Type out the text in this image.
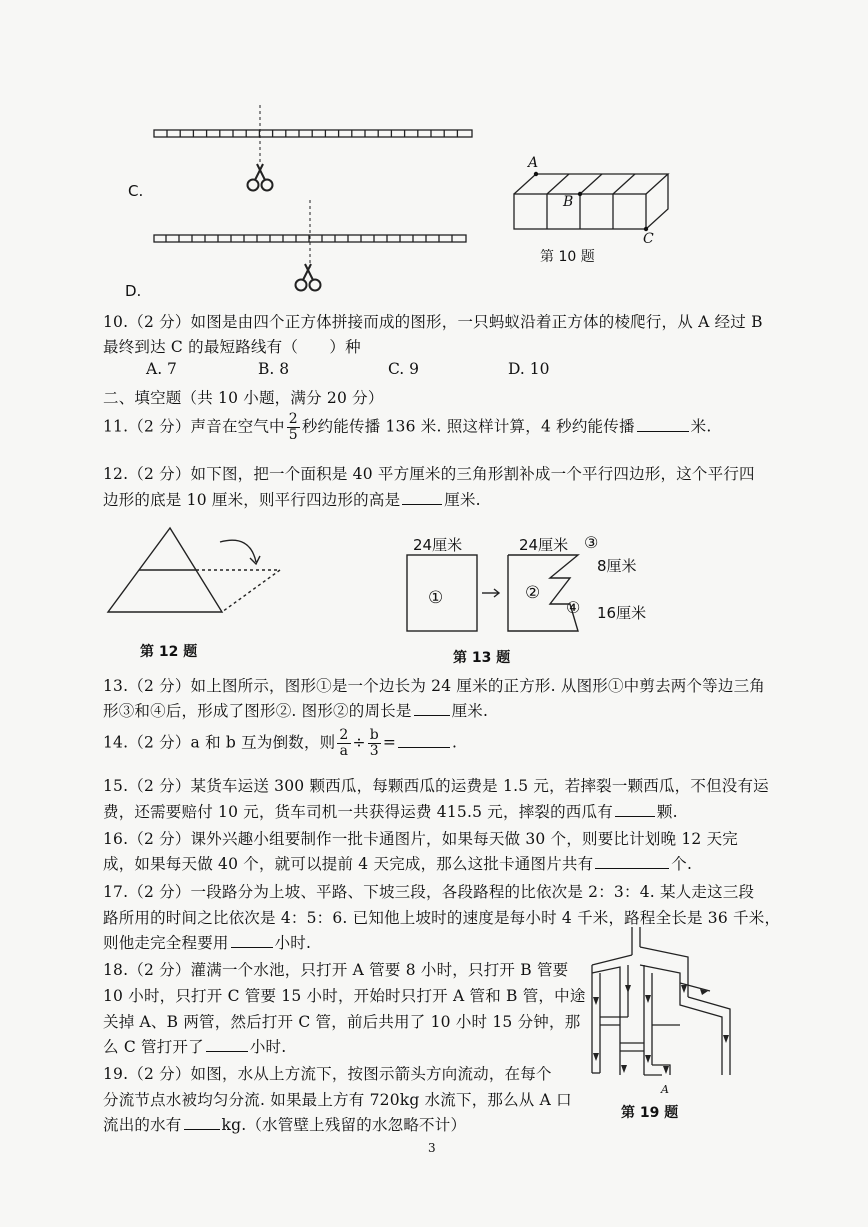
C.
D.
A
B
C
第 10 题
10.（2 分）如图是由四个正方体拼接而成的图形，一只蚂蚁沿着正方体的棱爬行，从 A 经过 B
最终到达 C 的最短路线有（　　）种
A. 7	B. 8	C. 9	D. 10
二、填空题（共 10 小题，满分 20 分）
11.（2 分）声音在空气中 $\frac{2}{5}$ 秒约能传播 136 米. 照这样计算，4 秒约能传播	米.
12.（2 分）如下图，把一个面积是 40 平方厘米的三角形割补成一个平行四边形，这个平行四
边形的底是 10 厘米，则平行四边形的高是	厘米.
第 12 题
24厘米	24厘米
①	②
③
④
8厘米
16厘米
第 13 题
13.（2 分）如上图所示，图形①是一个边长为 24 厘米的正方形. 从图形①中剪去两个等边三角
形③和④后，形成了图形②. 图形②的周长是	厘米.
14.（2 分）a 和 b 互为倒数，则 $\frac{2}{a} \div \frac{b}{3}$ =	.
15.（2 分）某货车运送 300 颗西瓜，每颗西瓜的运费是 1.5 元，若摔裂一颗西瓜，不但没有运
费，还需要赔付 10 元，货车司机一共获得运费 415.5 元，摔裂的西瓜有	颗.
16.（2 分）课外兴趣小组要制作一批卡通图片，如果每天做 30 个，则要比计划晚 12 天完
成，如果每天做 40 个，就可以提前 4 天完成，那么这批卡通图片共有	个.
17.（2 分）一段路分为上坡、平路、下坡三段，各段路程的比依次是 2：3：4. 某人走这三段
路所用的时间之比依次是 4：5：6. 已知他上坡时的速度是每小时 4 千米，路程全长是 36 千米，
则他走完全程要用	小时.
18.（2 分）灌满一个水池，只打开 A 管要 8 小时，只打开 B 管要
10 小时，只打开 C 管要 15 小时，开始时只打开 A 管和 B 管，中途
关掉 A、B 两管，然后打开 C 管，前后共用了 10 小时 15 分钟，那
么 C 管打开了	小时.
19.（2 分）如图，水从上方流下，按图示箭头方向流动，在每个
分流节点水被均匀分流. 如果最上方有 720kg 水流下，那么从 A 口
流出的水有	kg.（水管壁上残留的水忽略不计）
A
第 19 题
3
